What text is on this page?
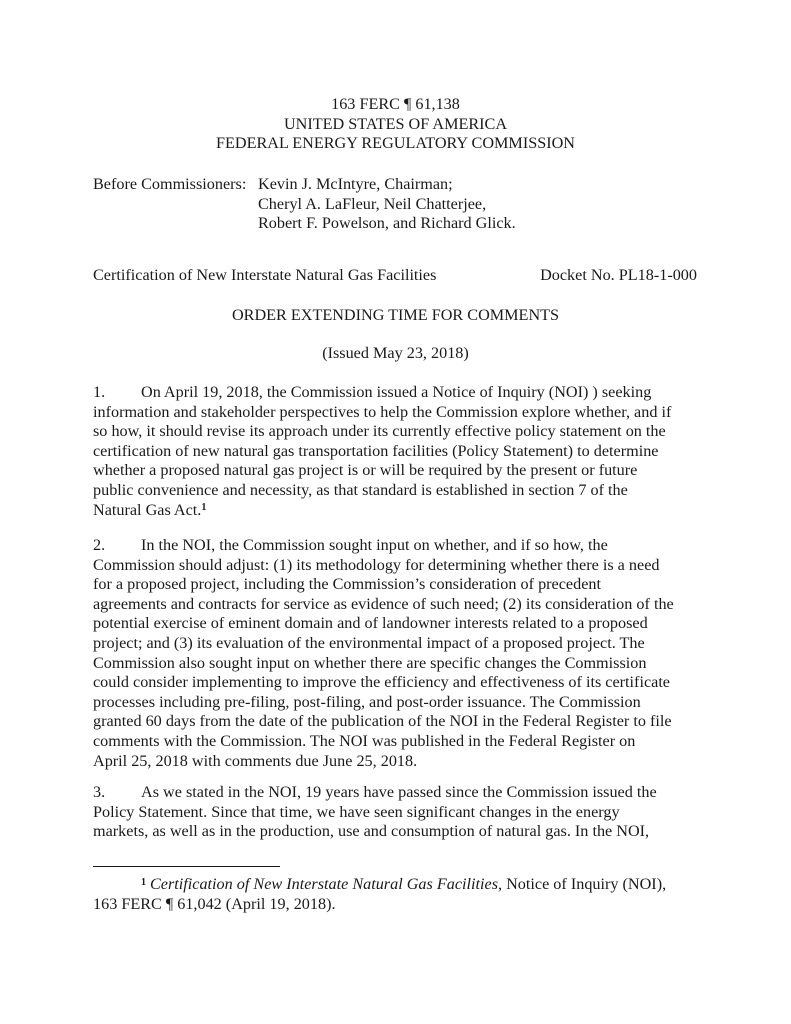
163 FERC ¶ 61,138
UNITED STATES OF AMERICA
FEDERAL ENERGY REGULATORY COMMISSION
Before Commissioners: Kevin J. McIntyre, Chairman;
Cheryl A. LaFleur, Neil Chatterjee,
Robert F. Powelson, and Richard Glick.
Certification of New Interstate Natural Gas Facilities	Docket No. PL18-1-000
ORDER EXTENDING TIME FOR COMMENTS
(Issued May 23, 2018)
1. On April 19, 2018, the Commission issued a Notice of Inquiry (NOI) ) seeking
information and stakeholder perspectives to help the Commission explore whether, and if
so how, it should revise its approach under its currently effective policy statement on the
certification of new natural gas transportation facilities (Policy Statement) to determine
whether a proposed natural gas project is or will be required by the present or future
public convenience and necessity, as that standard is established in section 7 of the
Natural Gas Act.$^1$
2. In the NOI, the Commission sought input on whether, and if so how, the
Commission should adjust: (1) its methodology for determining whether there is a need
for a proposed project, including the Commission’s consideration of precedent
agreements and contracts for service as evidence of such need; (2) its consideration of the
potential exercise of eminent domain and of landowner interests related to a proposed
project; and (3) its evaluation of the environmental impact of a proposed project. The
Commission also sought input on whether there are specific changes the Commission
could consider implementing to improve the efficiency and effectiveness of its certificate
processes including pre-filing, post-filing, and post-order issuance. The Commission
granted 60 days from the date of the publication of the NOI in the Federal Register to file
comments with the Commission. The NOI was published in the Federal Register on
April 25, 2018 with comments due June 25, 2018.
3. As we stated in the NOI, 19 years have passed since the Commission issued the
Policy Statement. Since that time, we have seen significant changes in the energy
markets, as well as in the production, use and consumption of natural gas. In the NOI,
$^1$ Certification of New Interstate Natural Gas Facilities, Notice of Inquiry (NOI),
163 FERC ¶ 61,042 (April 19, 2018).
